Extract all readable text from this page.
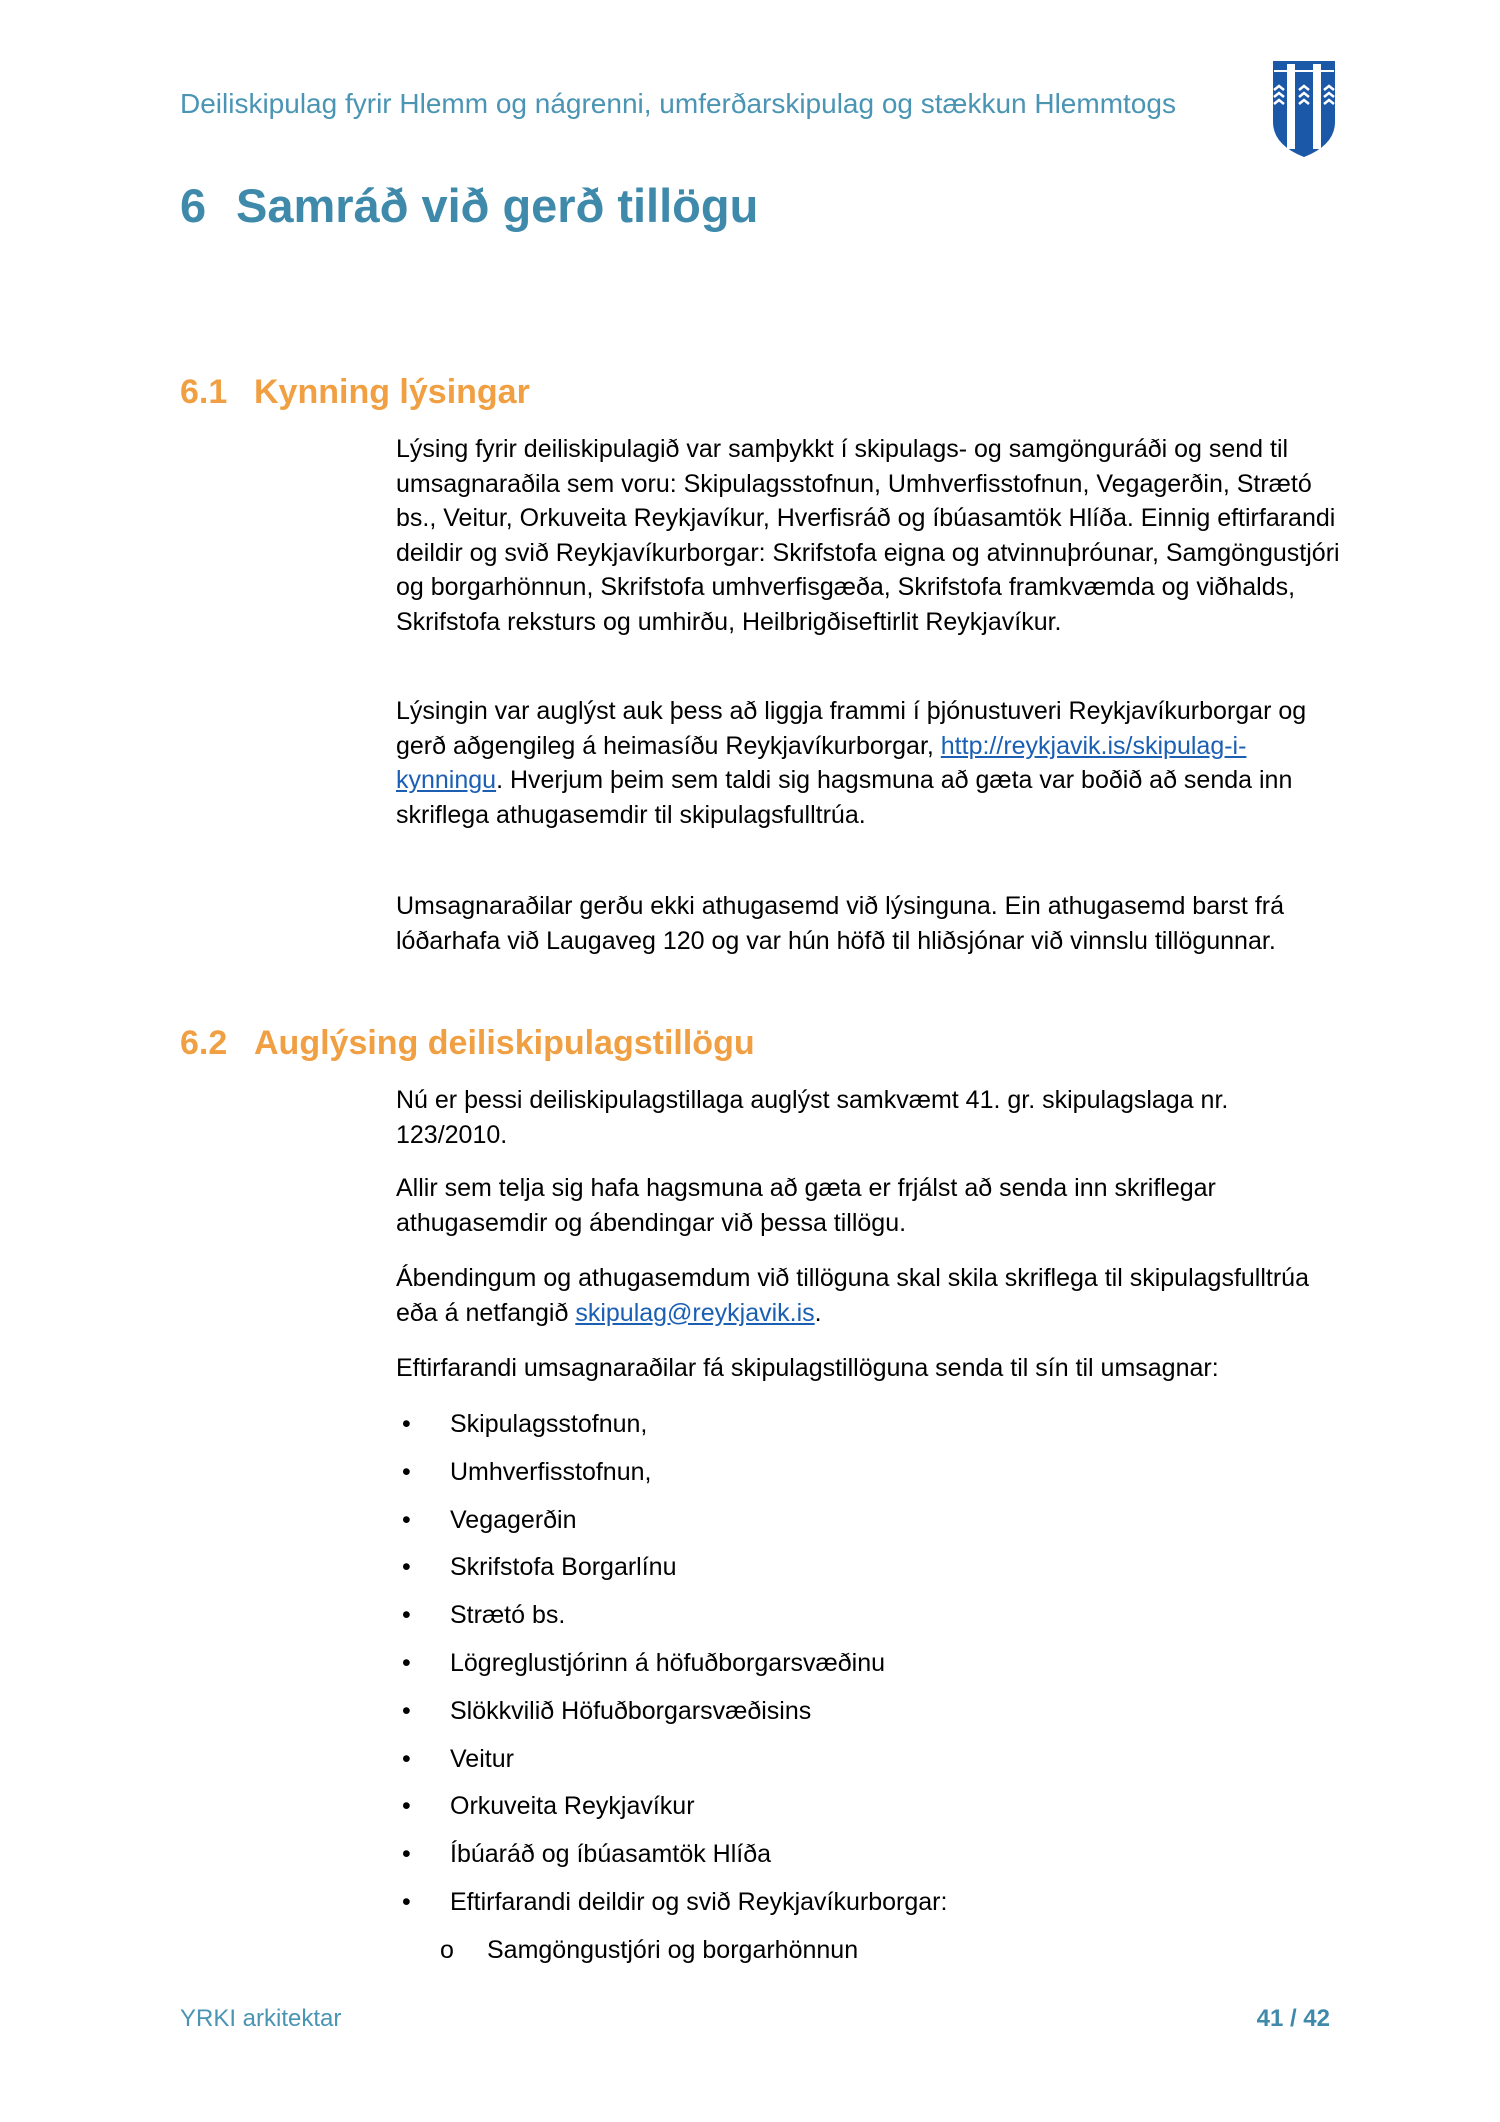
Deiliskipulag fyrir Hlemm og nágrenni, umferðarskipulag og stækkun Hlemmtogs
6 Samráð við gerð tillögu
6.1 Kynning lýsingar

Lýsing fyrir deiliskipulagið var samþykkt í skipulags- og samgönguráði og send til umsagnaraðila sem voru: Skipulagsstofnun, Umhverfisstofnun, Vegagerðin, Strætó bs., Veitur, Orkuveita Reykjavíkur, Hverfisráð og íbúasamtök Hlíða. Einnig eftirfarandi deildir og svið Reykjavíkurborgar: Skrifstofa eigna og atvinnuþróunar, Samgöngustjóri og borgarhönnun, Skrifstofa umhverfisgæða, Skrifstofa framkvæmda og viðhalds, Skrifstofa reksturs og umhirðu, Heilbrigðiseftirlit Reykjavíkur.

Lýsingin var auglýst auk þess að liggja frammi í þjónustuveri Reykjavíkurborgar og gerð aðgengileg á heimasíðu Reykjavíkurborgar, http://reykjavik.is/skipulag-i-kynningu. Hverjum þeim sem taldi sig hagsmuna að gæta var boðið að senda inn skriflega athugasemdir til skipulagsfulltrúa.

Umsagnaraðilar gerðu ekki athugasemd við lýsinguna. Ein athugasemd barst frá lóðarhafa við Laugaveg 120 og var hún höfð til hliðsjónar við vinnslu tillögunnar.

6.2 Auglýsing deiliskipulagstillögu

Nú er þessi deiliskipulagstillaga auglýst samkvæmt 41. gr. skipulagslaga nr. 123/2010.

Allir sem telja sig hafa hagsmuna að gæta er frjálst að senda inn skriflegar athugasemdir og ábendingar við þessa tillögu.

Ábendingum og athugasemdum við tillöguna skal skila skriflega til skipulagsfulltrúa eða á netfangið skipulag@reykjavik.is.

Eftirfarandi umsagnaraðilar fá skipulagstillöguna senda til sín til umsagnar:

• Skipulagsstofnun,
• Umhverfisstofnun,
• Vegagerðin
• Skrifstofa Borgarlínu
• Strætó bs.
• Lögreglustjórinn á höfuðborgarsvæðinu
• Slökkvilið Höfuðborgarsvæðisins
• Veitur
• Orkuveita Reykjavíkur
• Íbúaráð og íbúasamtök Hlíða
• Eftirfarandi deildir og svið Reykjavíkurborgar:
o Samgöngustjóri og borgarhönnun
YRKI arkitektar	41 / 42
